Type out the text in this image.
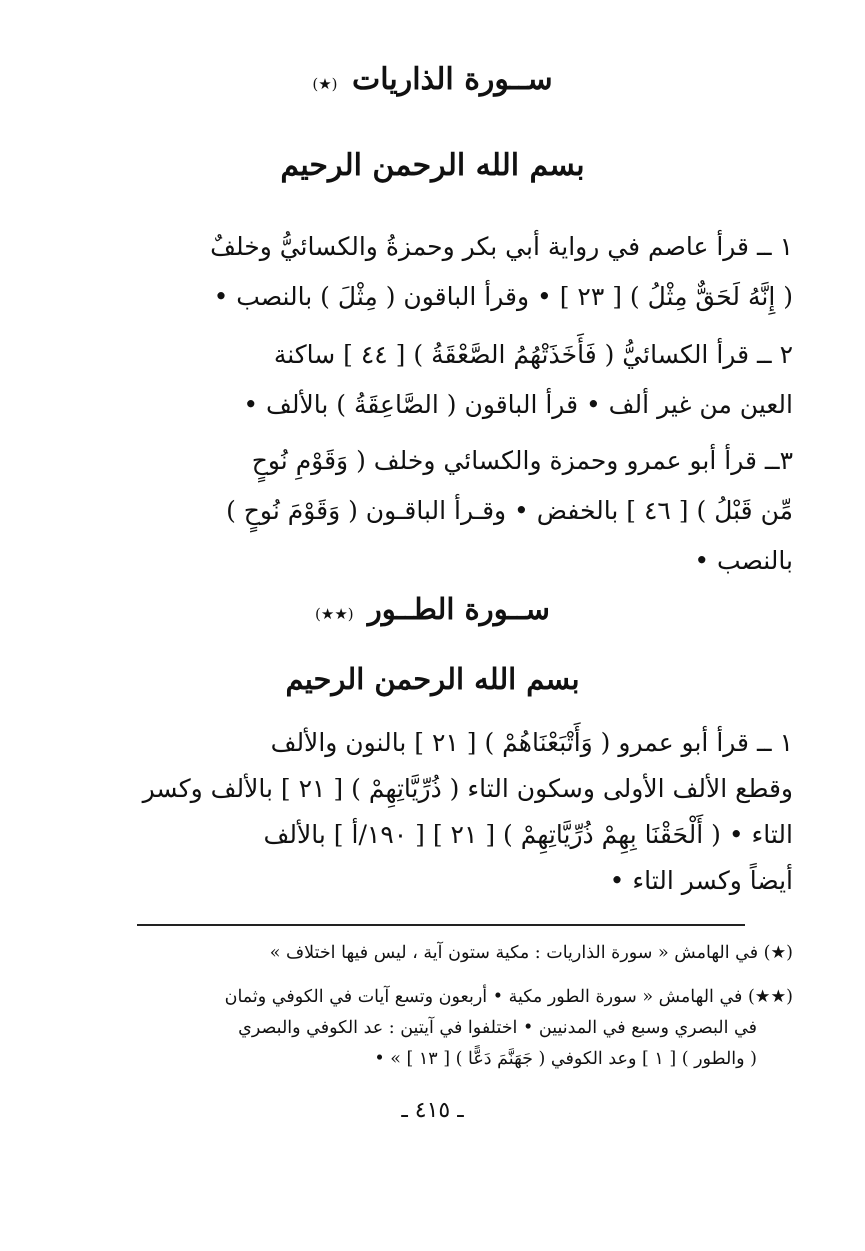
ســورة الذاريات (★)
بسم الله الرحمن الرحيم
١ ــ قرأ عاصم في رواية أبي بكر وحمزةُ والكسائيُّ وخلفٌ
( إِنَّهُ لَحَقٌّ مِثْلُ ) [ ٢٣ ] • وقرأ الباقون ( مِثْلَ ) بالنصب •
٢ ــ قرأ الكسائيُّ ( فَأَخَذَتْهُمُ الصَّعْقَةُ ) [ ٤٤ ] ساكنة
العين من غير ألف • قرأ الباقون ( الصَّاعِقَةُ ) بالألف •
٣ــ قرأ أبو عمرو وحمزة والكسائي وخلف ( وَقَوْمِ نُوحٍ
مِّن قَبْلُ ) [ ٤٦ ] بالخفض • وقـرأ الباقـون ( وَقَوْمَ نُوحٍ )
بالنصب •
ســورة الطــور (★★)
بسم الله الرحمن الرحيم
١ ــ قرأ أبو عمرو ( وَأَتْبَعْنَاهُمْ ) [ ٢١ ] بالنون والألف
وقطع الألف الأولى وسكون التاء ( ذُرِّيَّاتِهِمْ ) [ ٢١ ] بالألف وكسر
التاء • ( أَلْحَقْنَا بِهِمْ ذُرِّيَّاتِهِمْ ) [ ٢١ ] [ ١٩٠/أ ] بالألف
أيضاً وكسر التاء •
(★) في الهامش « سورة الذاريات : مكية ستون آية ، ليس فيها اختلاف »
(★★) في الهامش « سورة الطور مكية • أربعون وتسع آيات في الكوفي وثمان
في البصري وسبع في المدنيين • اختلفوا في آيتين : عد الكوفي والبصري
( والطور ) [ ١ ] وعد الكوفي ( جَهَنَّمَ دَعًّا ) [ ١٣ ] » •
ـ ٤١٥ ـ
